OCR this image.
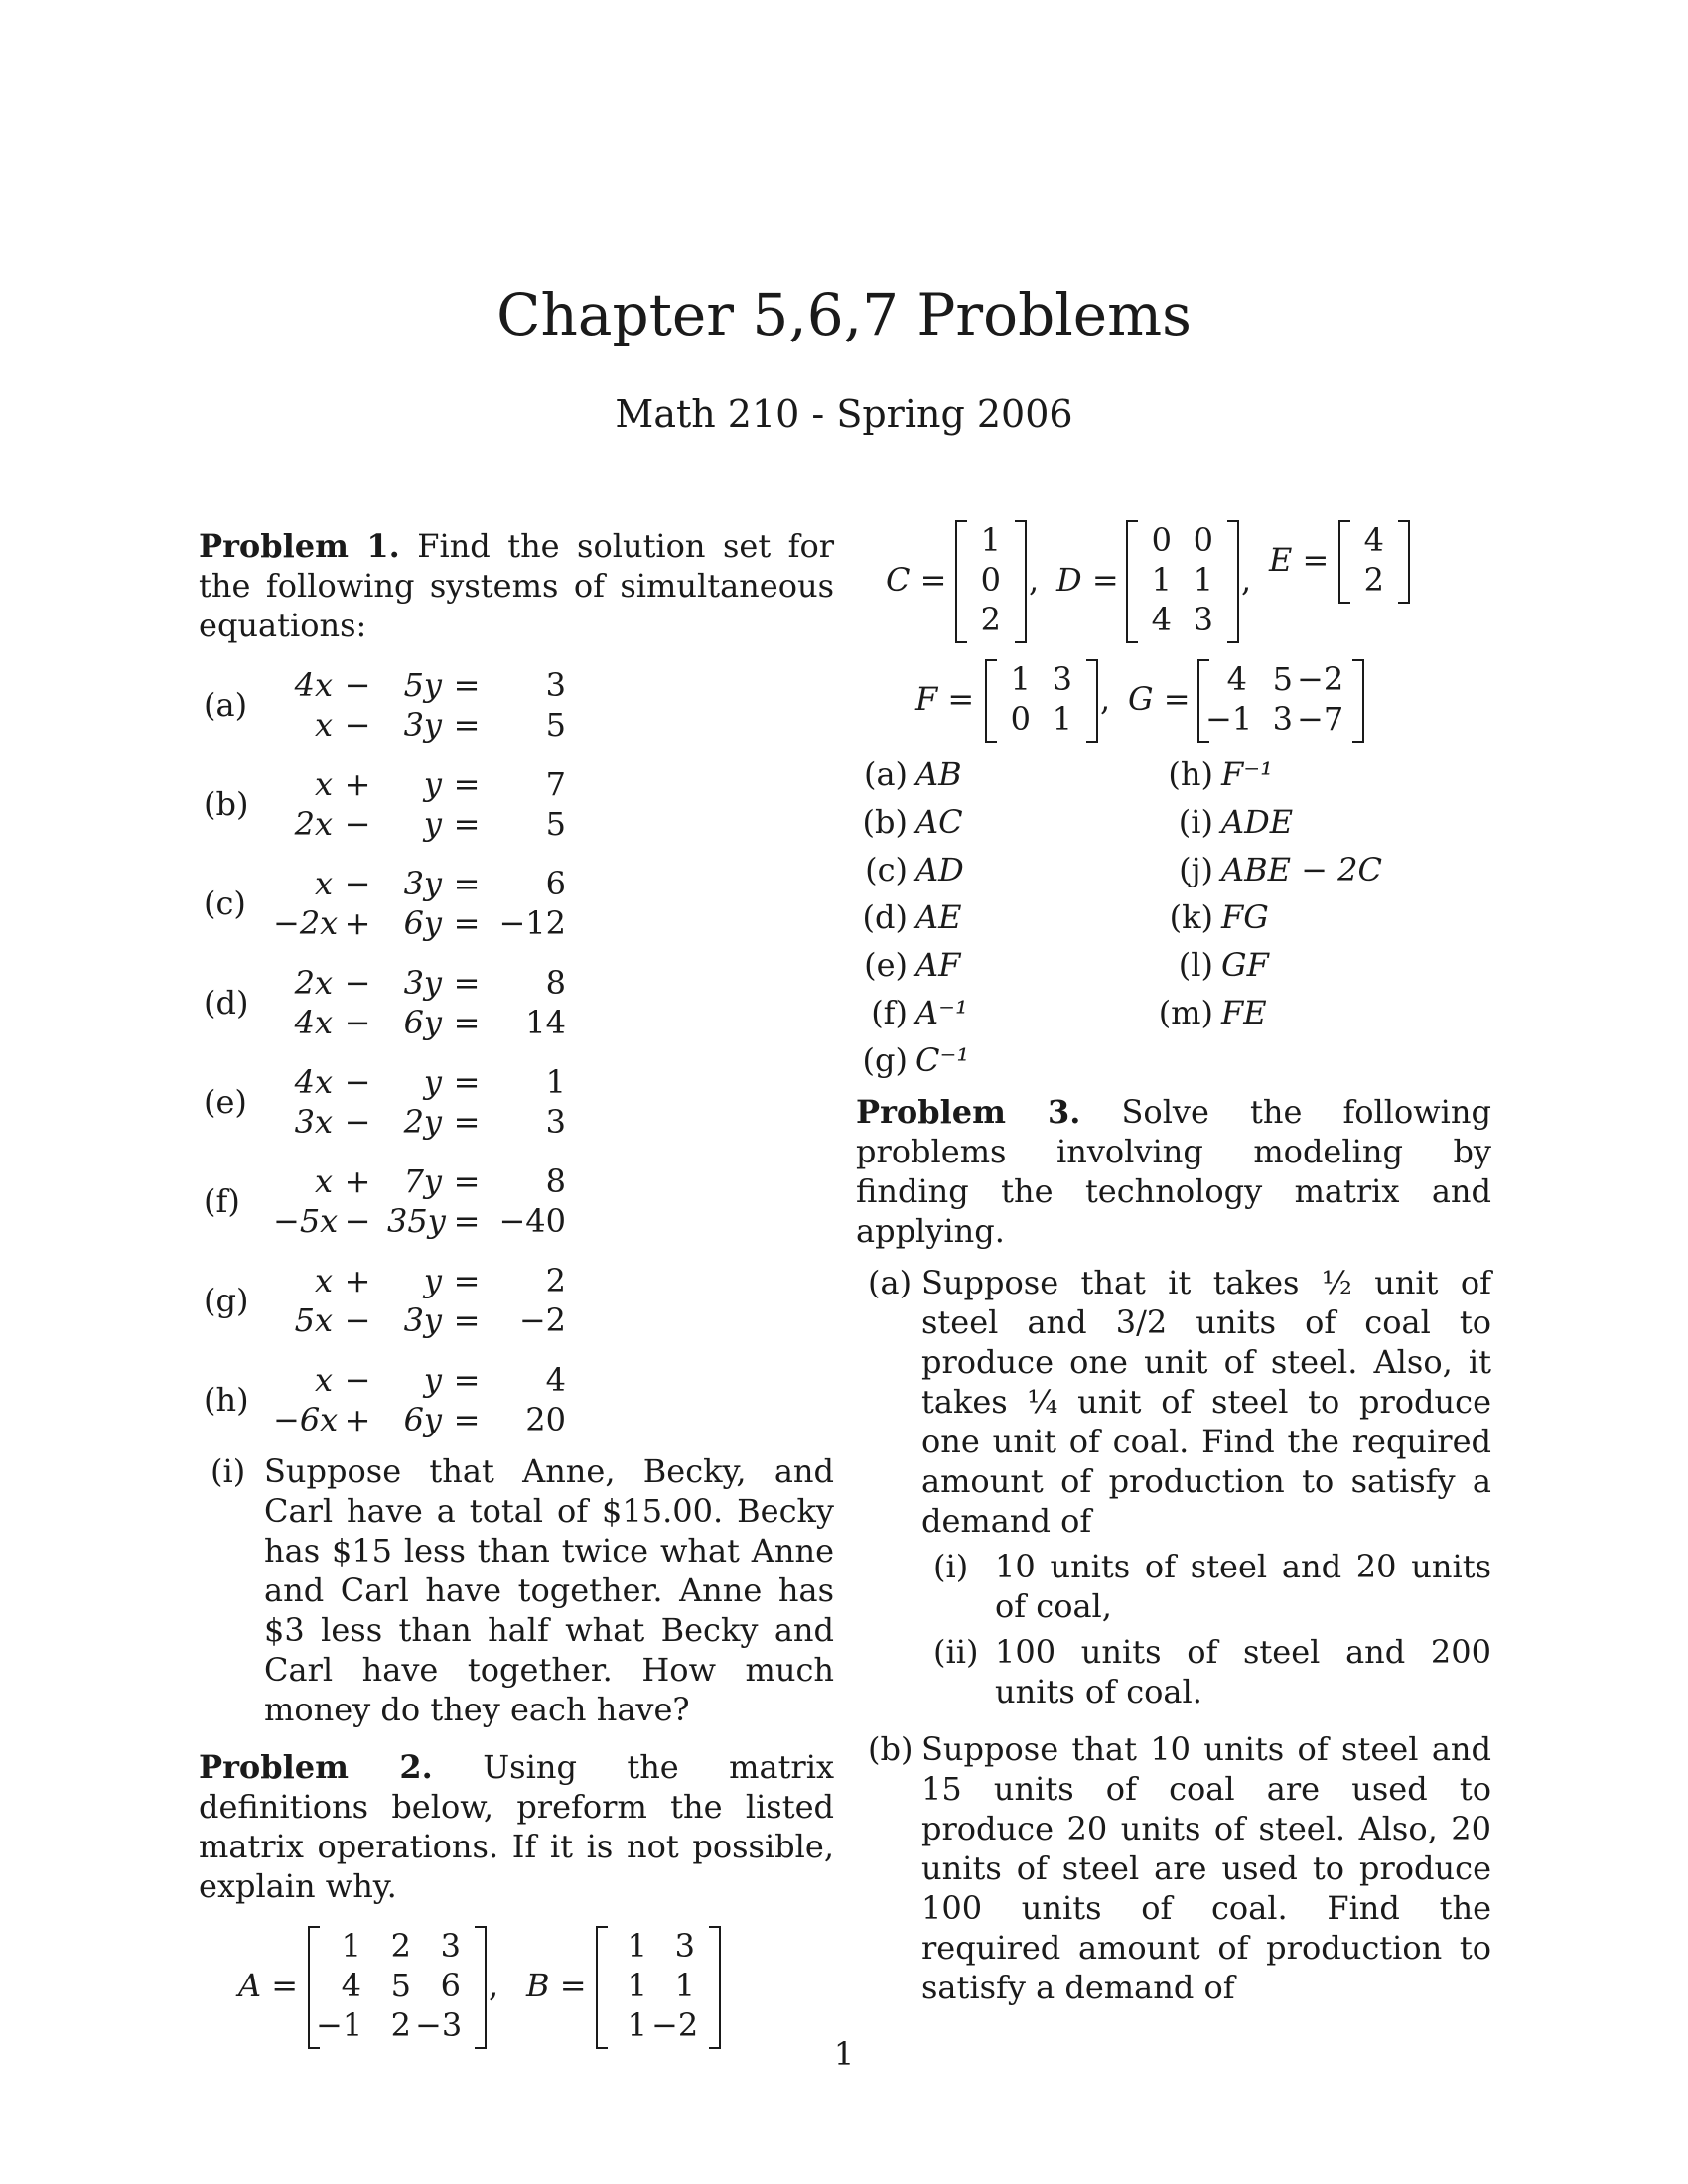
Chapter 5,6,7 Problems
Math 210 - Spring 2006

Problem 1. Find the solution set for the following systems of simultaneous equations:

(a)
4x −	5y =	3
x −	3y =	5
(b)
x +	y =	7
2x −	y =	5
(c)
x −	3y =	6
−2x +	6y = −12
(d)
2x −	3y =	8
4x −	6y =	14
(e)
4x −	y =	1
3x −	2y =	3
(f)
x +	7y =	8
−5x − 35y = −40
(g)
x +	y =	2
5x −	3y =	−2
(h)
x −	y =	4
−6x +	6y =	20
(i) Suppose that Anne, Becky, and Carl have a total of $15.00. Becky has $15 less than twice what Anne and Carl have together. Anne has $3 less than half what Becky and Carl have together. How much money do they each have?

Problem 2. Using the matrix definitions below, preform the listed matrix operations. If it is not possible, explain why.

A =
1 2 3
4 5 6
−1 2 −3
, B =
1 3
1 1
1 −2
C =
1
0
2
, D =
0 0
1 1
4 3
,
E =
4
2
F =
1 3
0 1
, G =
4 5 −2
−1 3 −7
(a) AB
(b) AC
(c) AD
(d) AE
(e) AF
(f) A⁻¹
(g) C⁻¹
(h) F⁻¹
(i) ADE
(j) ABE − 2C
(k) FG
(l) GF
(m) FE

Problem 3. Solve the following problems involving modeling by finding the technology matrix and applying.

(a) Suppose that it takes ½ unit of steel and 3/2 units of coal to produce one unit of steel. Also, it takes ¼ unit of steel to produce one unit of coal. Find the required amount of production to satisfy a demand of
(i) 10 units of steel and 20 units of coal,
(ii) 100 units of steel and 200 units of coal.
(b) Suppose that 10 units of steel and 15 units of coal are used to produce 20 units of steel. Also, 20 units of steel are used to produce 100 units of coal. Find the required amount of production to satisfy a demand of
1
